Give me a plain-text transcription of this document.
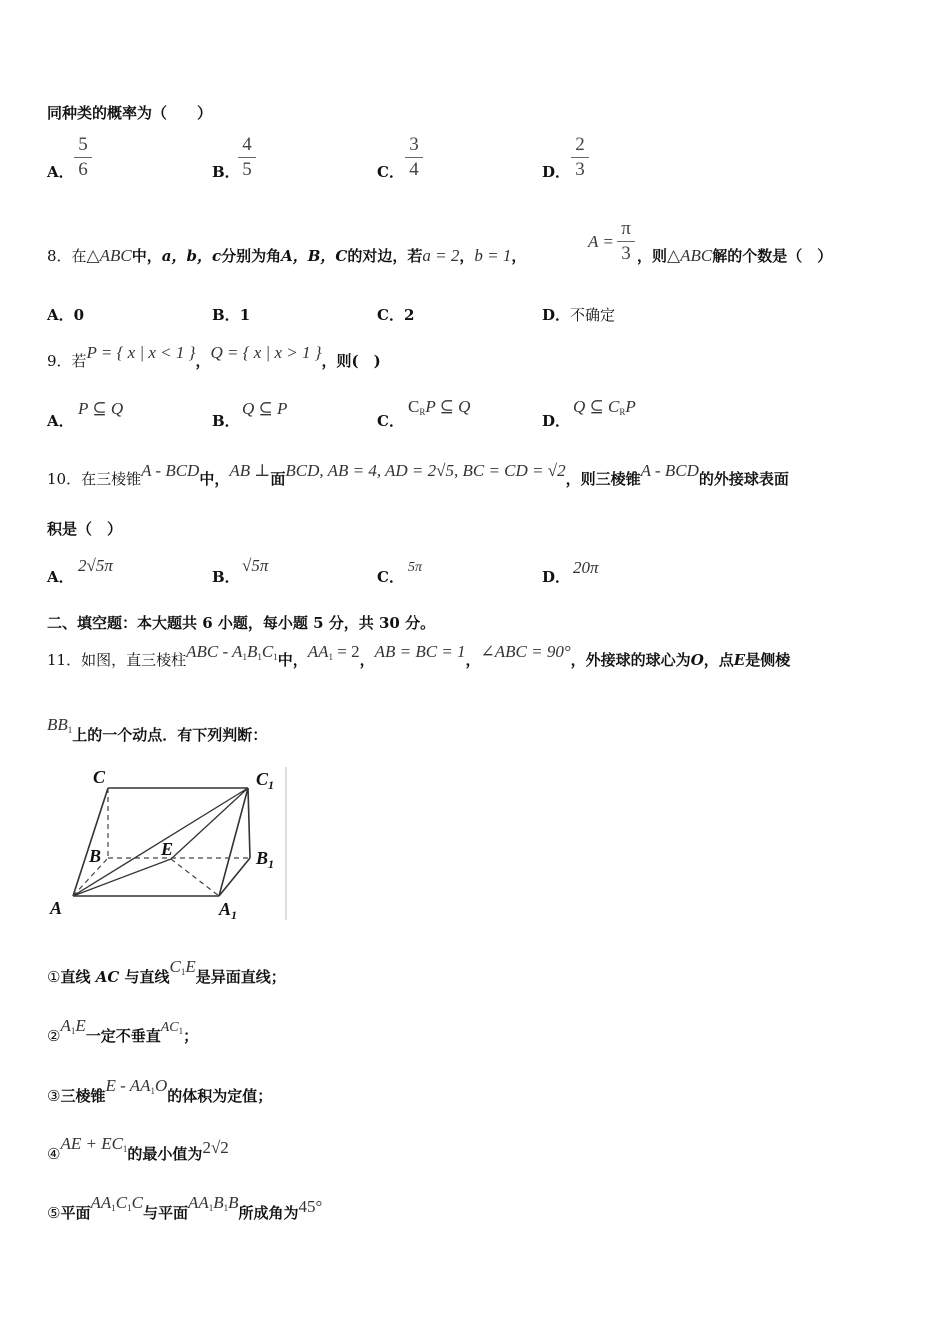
同种类的概率为（　　）
A．
5
6	B．
4
5	C．
3
4	D．
2
3
8．在△ABC中，a，b，c分别为角A，B，C的对边，若a = 2，b = 1，
A =
π
3 ，则△ABC解的个数是（　）
A．0	B．1	C．2	D．不确定
9．若P = { x | x < 1 }，Q = { x | x > 1 }，则(　)
A．
P ⊆ Q
B．
Q ⊆ P
C．
$C_RP$ ⊆ Q
D．
Q ⊆ $C_RP$
10．在三棱锥A - BCD中，AB ⊥面BCD, AB = 4, AD = 2√5, BC = CD = √2，则三棱锥A - BCD的外接球表面
积是（　）
A．
2√5π
B．
√5π
C．
5π
D． 20π
二、填空题：本大题共 6 小题，每小题 5 分，共 30 分。
11．如图，直三棱柱ABC - $A_1B_1C_1$中，$AA_1 = 2$，AB = BC = 1，∠ABC = 90°，外接球的球心为O，点E是侧棱
$BB_1$上的一个动点．有下列判断：
C	$C_1$
B	E	$B_1$
A	$A_1$
①直线 AC 与直线$C_1E$是异面直线；
$②A_1E$一定不垂直$AC_1$；
③三棱锥E - $AA_1O$的体积为定值；
④AE + $EC_1$的最小值为2√2
⑤平面$AA_1C_1C$与平面$AA_1B_1B$所成角为45°
